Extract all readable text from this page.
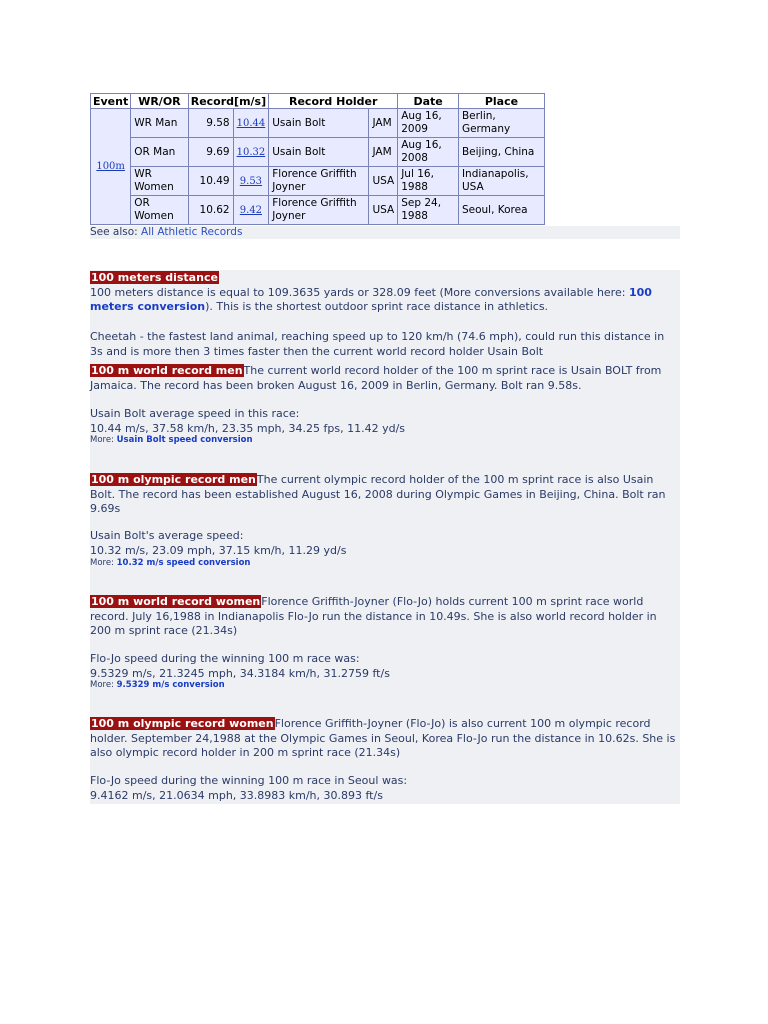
Event	WR/OR	Record[m/s]		Record Holder		Date	Place
100m	WR Man	9.58	10.44	Usain Bolt	JAM	Aug 16, 2009	Berlin, Germany
	OR Man	9.69	10.32	Usain Bolt	JAM	Aug 16, 2008	Beijing, China
	WR Women	10.49	9.53	Florence Griffith Joyner	USA	Jul 16, 1988	Indianapolis, USA
	OR Women	10.62	9.42	Florence Griffith Joyner	USA	Sep 24, 1988	Seoul, Korea
See also: All Athletic Records
100 meters distance
100 meters distance is equal to 109.3635 yards or 328.09 feet (More conversions available here: 100 meters conversion). This is the shortest outdoor sprint race distance in athletics.
Cheetah - the fastest land animal, reaching speed up to 120 km/h (74.6 mph), could run this distance in 3s and is more then 3 times faster then the current world record holder Usain Bolt
100 m world record menThe current world record holder of the 100 m sprint race is Usain BOLT from Jamaica. The record has been broken August 16, 2009 in Berlin, Germany. Bolt ran 9.58s.
Usain Bolt average speed in this race:
10.44 m/s, 37.58 km/h, 23.35 mph, 34.25 fps, 11.42 yd/s
More: Usain Bolt speed conversion
100 m olympic record menThe current olympic record holder of the 100 m sprint race is also Usain Bolt. The record has been established August 16, 2008 during Olympic Games in Beijing, China. Bolt ran 9.69s
Usain Bolt's average speed:
10.32 m/s, 23.09 mph, 37.15 km/h, 11.29 yd/s
More: 10.32 m/s speed conversion
100 m world record womenFlorence Griffith-Joyner (Flo-Jo) holds current 100 m sprint race world record. July 16,1988 in Indianapolis Flo-Jo run the distance in 10.49s. She is also world record holder in 200 m sprint race (21.34s)
Flo-Jo speed during the winning 100 m race was:
9.5329 m/s, 21.3245 mph, 34.3184 km/h, 31.2759 ft/s
More: 9.5329 m/s conversion
100 m olympic record womenFlorence Griffith-Joyner (Flo-Jo) is also current 100 m olympic record holder. September 24,1988 at the Olympic Games in Seoul, Korea Flo-Jo run the distance in 10.62s. She is also olympic record holder in 200 m sprint race (21.34s)
Flo-Jo speed during the winning 100 m race in Seoul was:
9.4162 m/s, 21.0634 mph, 33.8983 km/h, 30.893 ft/s
